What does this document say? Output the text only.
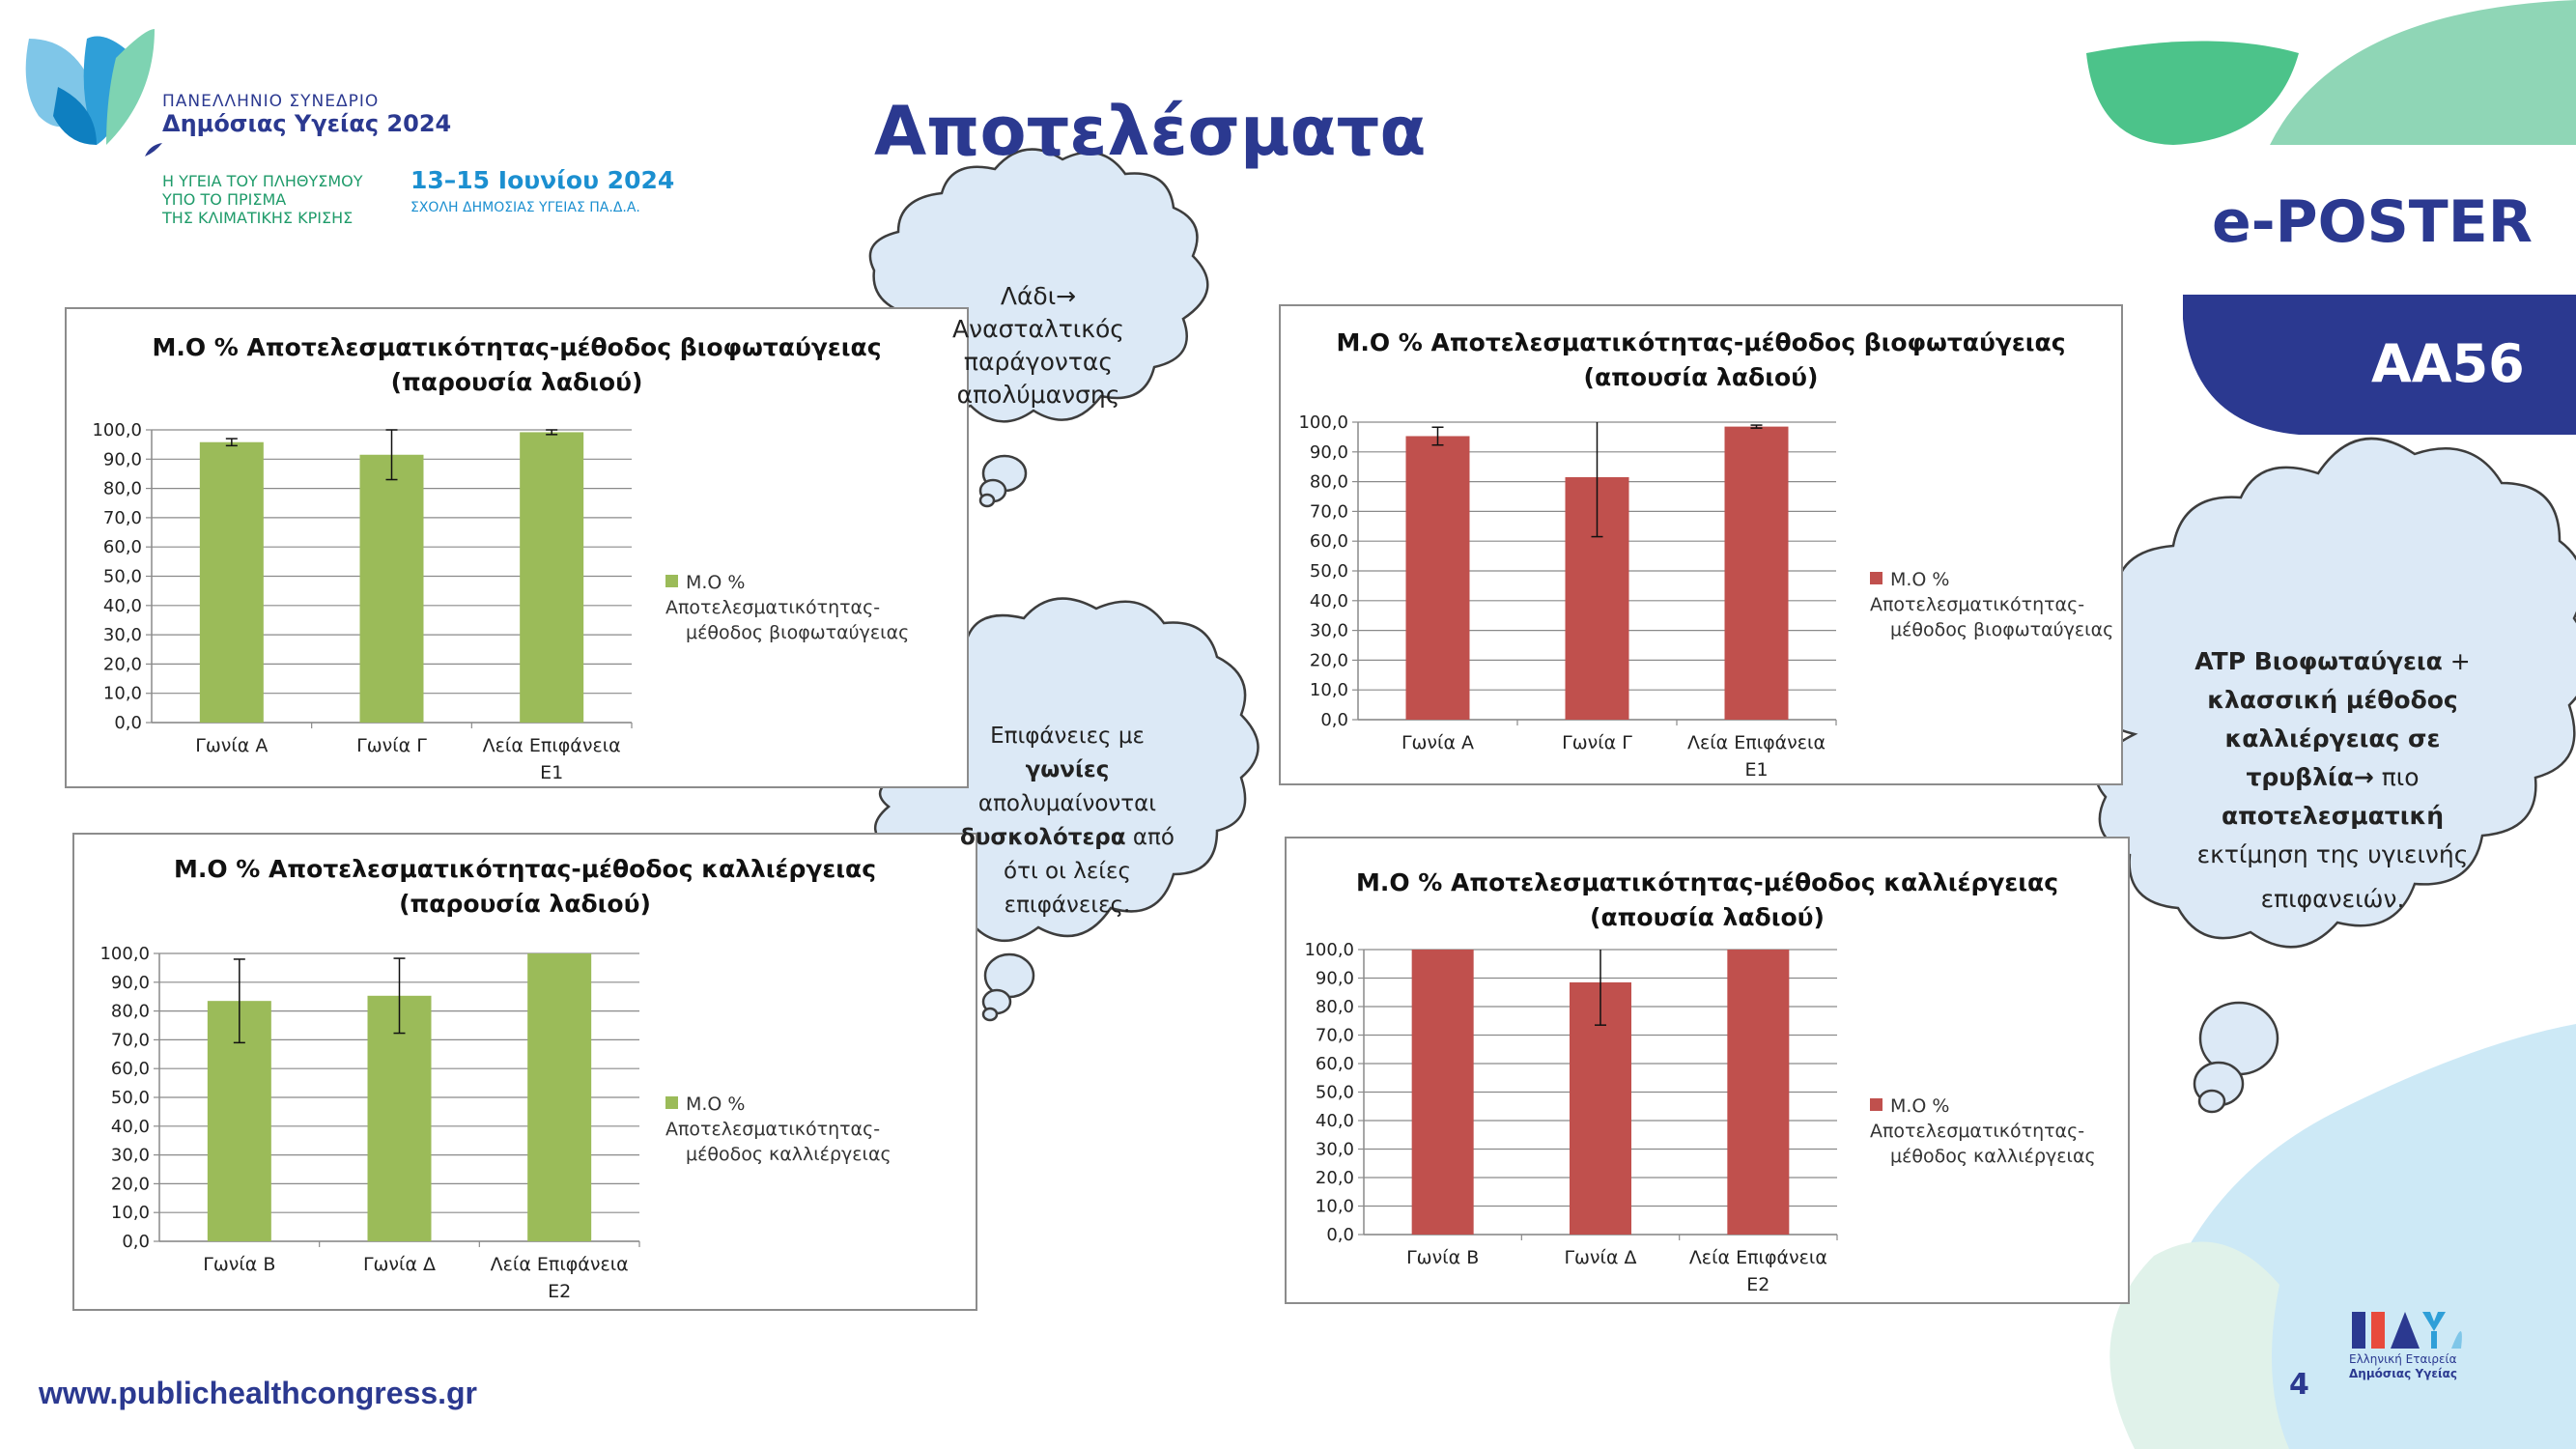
ΠΑΝΕΛΛΗΝΙΟ ΣΥΝΕΔΡΙΟ
Δημόσιας Υγείας 2024
Η ΥΓΕΙΑ ΤΟΥ ΠΛΗΘΥΣΜΟΥ
ΥΠΟ ΤΟ ΠΡΙΣΜΑ
ΤΗΣ ΚΛΙΜΑΤΙΚΗΣ ΚΡΙΣΗΣ
13–15 Ιουνίου 2024
ΣΧΟΛΗ ΔΗΜΟΣΙΑΣ ΥΓΕΙΑΣ ΠΑ.Δ.Α.
Αποτελέσματα
e-POSTER
AA56
Μ.Ο % Αποτελεσματικότητας-μέθοδος βιοφωταύγειας
(παρουσία λαδιού)
0,0
10,0
20,0
30,0
40,0
50,0
60,0
70,0
80,0
90,0
100,0
Γωνία Α	Γωνία Γ	Λεία Επιφάνεια
Ε1
Μ.Ο % Αποτελεσματικότητας-
μέθοδος βιοφωταύγειας
Μ.Ο % Αποτελεσματικότητας-μέθοδος βιοφωταύγειας
(απουσία λαδιού)
0,0
10,0
20,0
30,0
40,0
50,0
60,0
70,0
80,0
90,0
100,0
Γωνία Α	Γωνία Γ	Λεία Επιφάνεια
Ε1
Μ.Ο % Αποτελεσματικότητας-
μέθοδος βιοφωταύγειας
Μ.Ο % Αποτελεσματικότητας-μέθοδος καλλιέργειας
(παρουσία λαδιού)
0,0
10,0
20,0
30,0
40,0
50,0
60,0
70,0
80,0
90,0
100,0
Γωνία Β	Γωνία Δ	Λεία Επιφάνεια
Ε2
Μ.Ο % Αποτελεσματικότητας-
μέθοδος καλλιέργειας
Μ.Ο % Αποτελεσματικότητας-μέθοδος καλλιέργειας
(απουσία λαδιού)
0,0
10,0
20,0
30,0
40,0
50,0
60,0
70,0
80,0
90,0
100,0
Γωνία Β	Γωνία Δ	Λεία Επιφάνεια
Ε2
Μ.Ο % Αποτελεσματικότητας-
μέθοδος καλλιέργειας
Λάδι→
Ανασταλτικός
παράγοντας
απολύμανσης
Επιφάνειες με
γωνίες
απολυμαίνονται
δυσκολότερα από
ότι οι λείες
επιφάνειες.
ATP Βιοφωταύγεια +
κλασσική μέθοδος
καλλιέργειας σε
τρυβλία→ πιο
αποτελεσματική
εκτίμηση της υγιεινής
επιφανειών.
www.publichealthcongress.gr	4
Ελληνική Εταιρεία
Δημόσιας Υγείας
